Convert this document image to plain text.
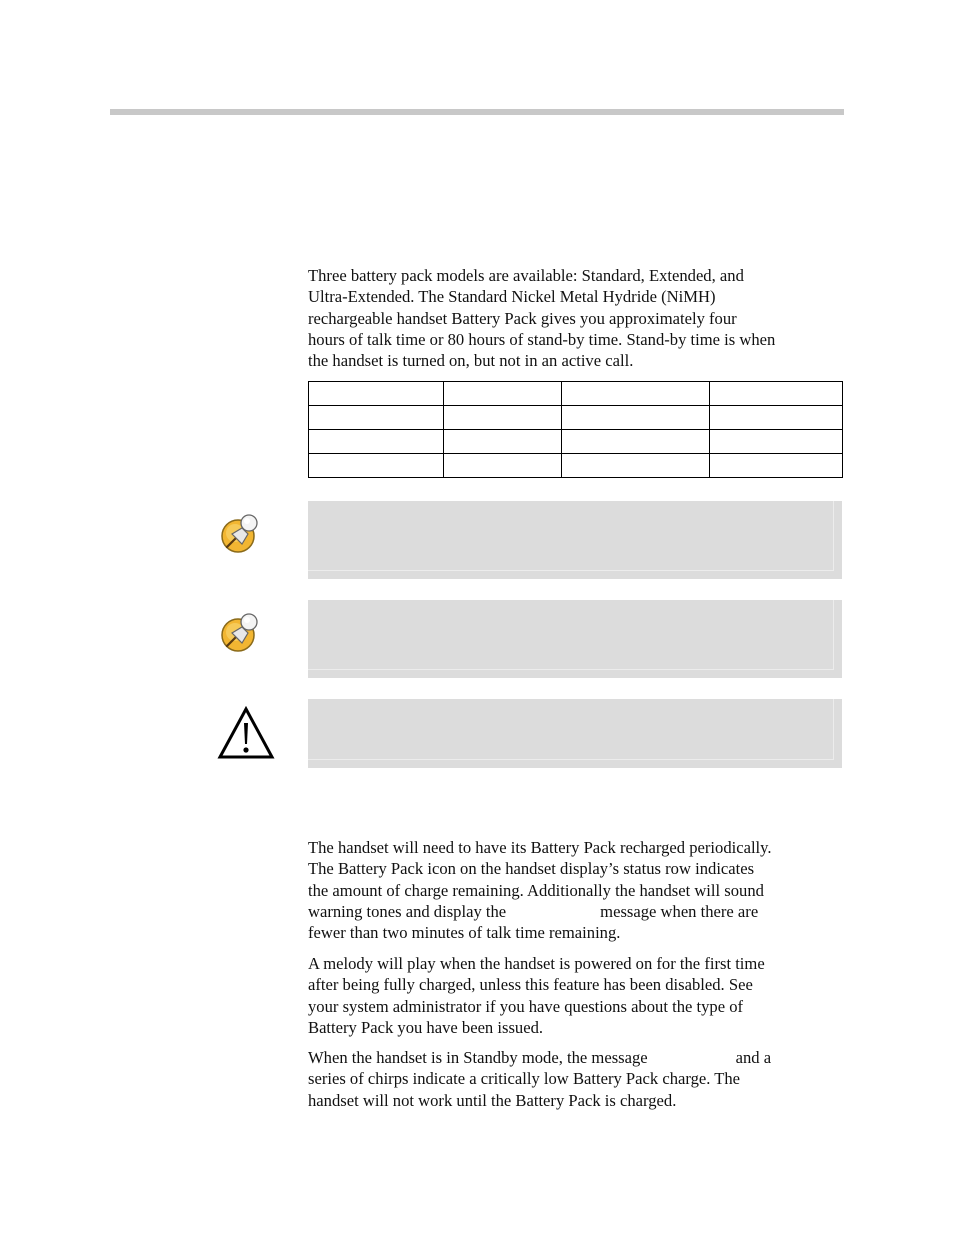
Three battery pack models are available: Standard, Extended, and
Ultra-Extended. The Standard Nickel Metal Hydride (NiMH)
rechargeable handset Battery Pack gives you approximately four
hours of talk time or 80 hours of stand-by time. Stand-by time is when
the handset is turned on, but not in an active call.

The handset will need to have its Battery Pack recharged periodically.
The Battery Pack icon on the handset display’s status row indicates
the amount of charge remaining. Additionally the handset will sound
warning tones and display the	message when there are
fewer than two minutes of talk time remaining.

A melody will play when the handset is powered on for the first time
after being fully charged, unless this feature has been disabled. See
your system administrator if you have questions about the type of
Battery Pack you have been issued.

When the handset is in Standby mode, the message	and a
series of chirps indicate a critically low Battery Pack charge. The
handset will not work until the Battery Pack is charged.
